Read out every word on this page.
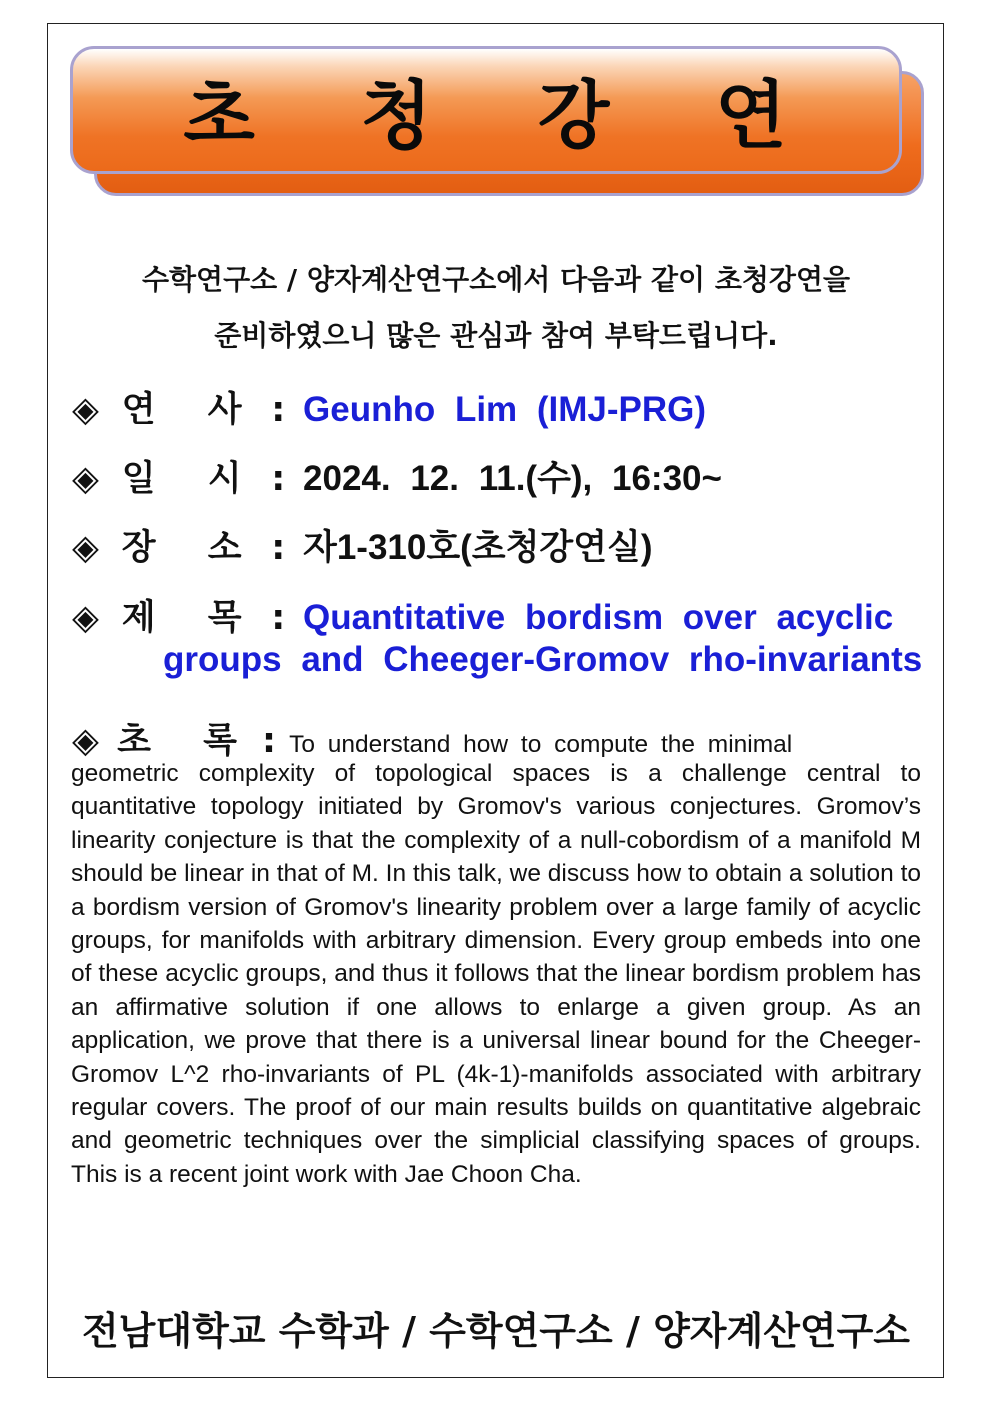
초 청 강 연
수학연구소 / 양자계산연구소에서 다음과 같이 초청강연을
준비하였으니 많은 관심과 참여 부탁드립니다.
◈ 연 사 : Geunho Lim (IMJ-PRG)
◈ 일 시 : 2024. 12. 11.(수), 16:30~
◈ 장 소 : 자1-310호(초청강연실)
◈ 제 목 : Quantitative bordism over acyclic
groups and Cheeger-Gromov rho-invariants
◈ 초 록 : To understand how to compute the minimal
geometric complexity of topological spaces is a challenge central to quantitative topology initiated by Gromov's various conjectures. Gromov’s linearity conjecture is that the complexity of a null-cobordism of a manifold M should be linear in that of M. In this talk, we discuss how to obtain a solution to a bordism version of Gromov's linearity problem over a large family of acyclic groups, for manifolds with arbitrary dimension. Every group embeds into one of these acyclic groups, and thus it follows that the linear bordism problem has an affirmative solution if one allows to enlarge a given group. As an application, we prove that there is a universal linear bound for the Cheeger-Gromov L^2 rho-invariants of PL (4k-1)-manifolds associated with arbitrary regular covers. The proof of our main results builds on quantitative algebraic and geometric techniques over the simplicial classifying spaces of groups. This is a recent joint work with Jae Choon Cha.
전남대학교 수학과 / 수학연구소 / 양자계산연구소
